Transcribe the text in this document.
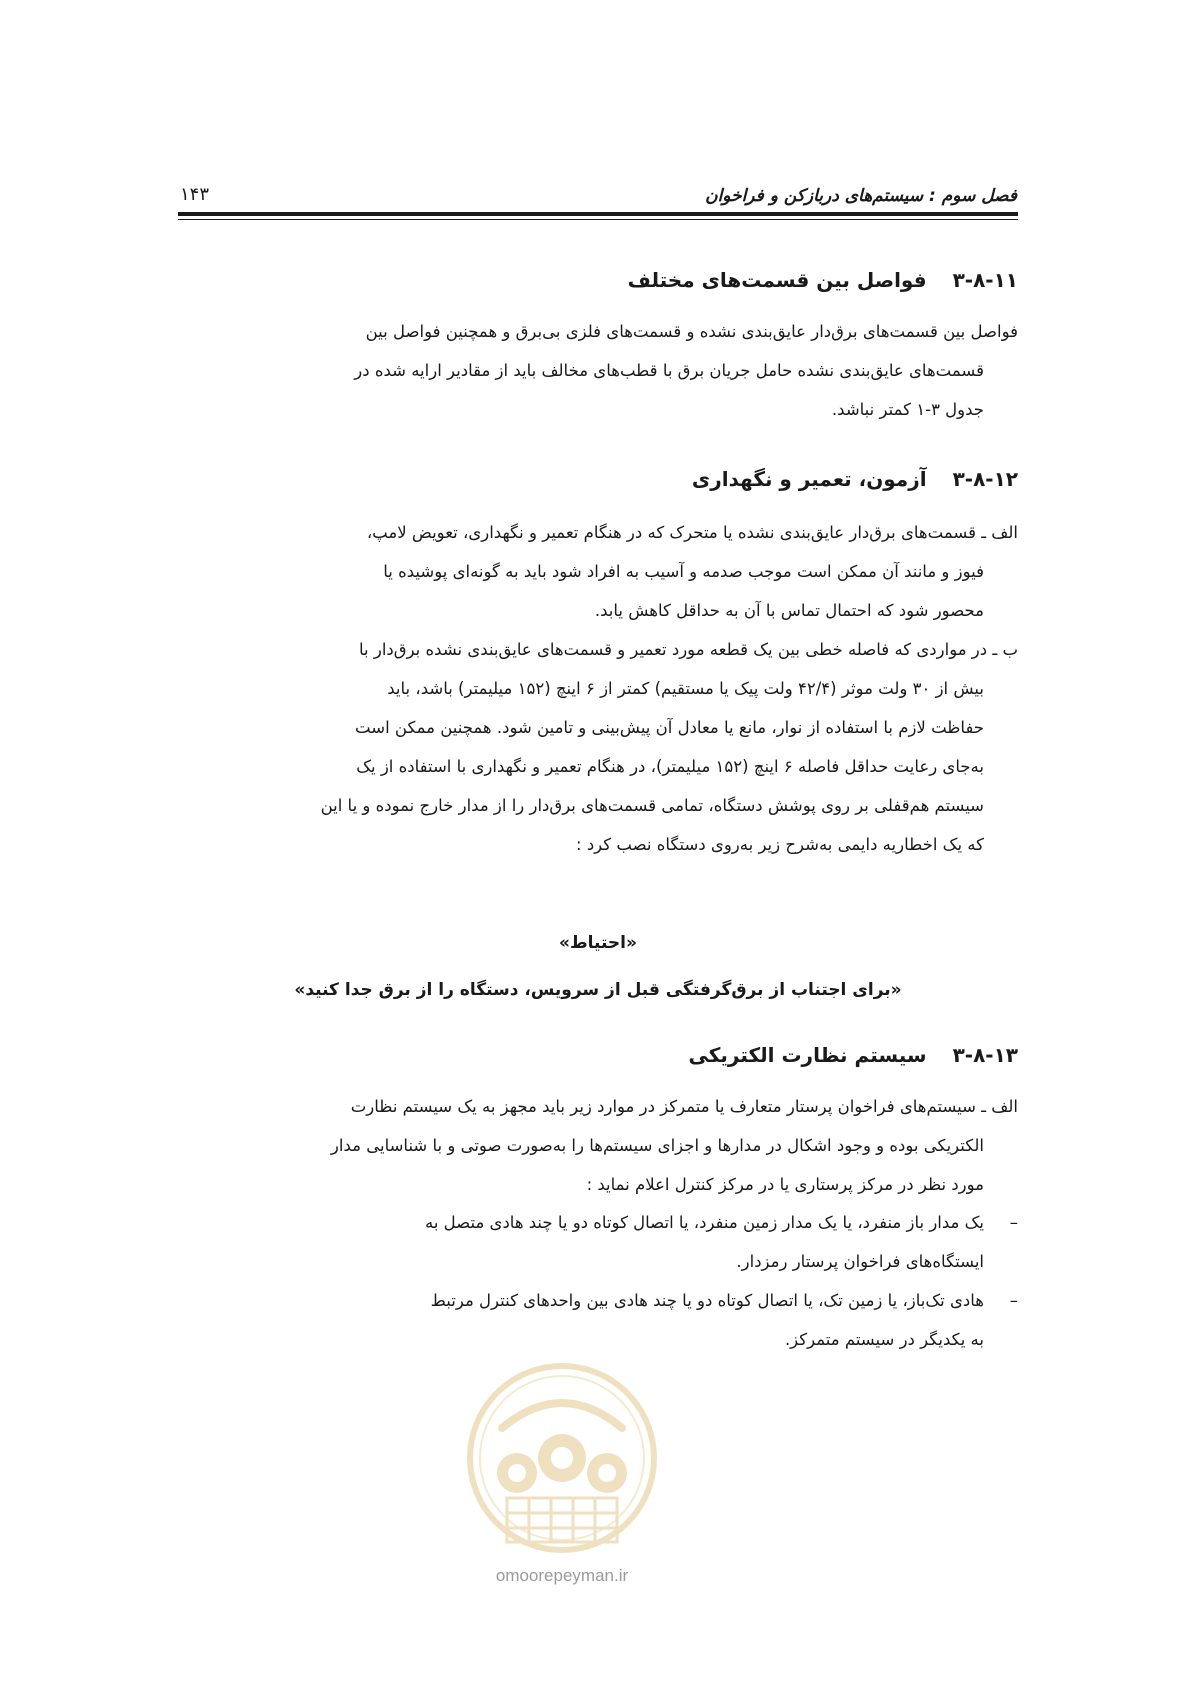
فصل سوم : سیستم‌های دربازکن و فراخوان
۱۴۳
۳-۸-۱۱فواصل بین قسمت‌های مختلف
فواصل بین قسمت‌های برق‌دار عایق‌بندی نشده و قسمت‌های فلزی بی‌برق و همچنین فواصل بین
قسمت‌های عایق‌بندی نشده حامل جریان برق با قطب‌های مخالف باید از مقادیر ارایه شده در
جدول ۳-۱ کمتر نباشد.
۳-۸-۱۲آزمون، تعمیر و نگهداری
الف ـ قسمت‌های برق‌دار عایق‌بندی نشده یا متحرک که در هنگام تعمیر و نگهداری، تعویض لامپ،
فیوز و مانند آن ممکن است موجب صدمه و آسیب به افراد شود باید به گونه‌ای پوشیده یا
محصور شود که احتمال تماس با آن به حداقل کاهش یابد.
ب ـ در مواردی که فاصله خطی بین یک قطعه مورد تعمیر و قسمت‌های عایق‌بندی نشده برق‌دار با
بیش از ۳۰ ولت موثر (۴۲/۴ ولت پیک یا مستقیم) کمتر از ۶ اینچ (۱۵۲ میلیمتر) باشد، باید
حفاظت لازم با استفاده از نوار، مانع یا معادل آن پیش‌بینی و تامین شود. همچنین ممکن است
به‌جای رعایت حداقل فاصله ۶ اینچ (۱۵۲ میلیمتر)، در هنگام تعمیر و نگهداری با استفاده از یک
سیستم هم‌قفلی بر روی پوشش دستگاه، تمامی قسمت‌های برق‌دار را از مدار خارج نموده و یا این
که یک اخطاریه دایمی به‌شرح زیر به‌روی دستگاه نصب کرد :
«احتیاط»
«برای اجتناب از برق‌گرفتگی قبل از سرویس، دستگاه را از برق جدا کنید»
۳-۸-۱۳سیستم نظارت الکتریکی
الف ـ سیستم‌های فراخوان پرستار متعارف یا متمرکز در موارد زیر باید مجهز به یک سیستم نظارت
الکتریکی بوده و وجود اشکال در مدارها و اجزای سیستم‌ها را به‌صورت صوتی و با شناسایی مدار
مورد نظر در مرکز پرستاری یا در مرکز کنترل اعلام نماید :
–یک مدار باز منفرد، یا یک مدار زمین منفرد، یا اتصال کوتاه دو یا چند هادی متصل به
ایستگاه‌های فراخوان پرستار رمزدار.
–هادی تک‌باز، یا زمین تک، یا اتصال کوتاه دو یا چند هادی بین واحدهای کنترل مرتبط
به یکدیگر در سیستم متمرکز.
omoorepeyman.ir
